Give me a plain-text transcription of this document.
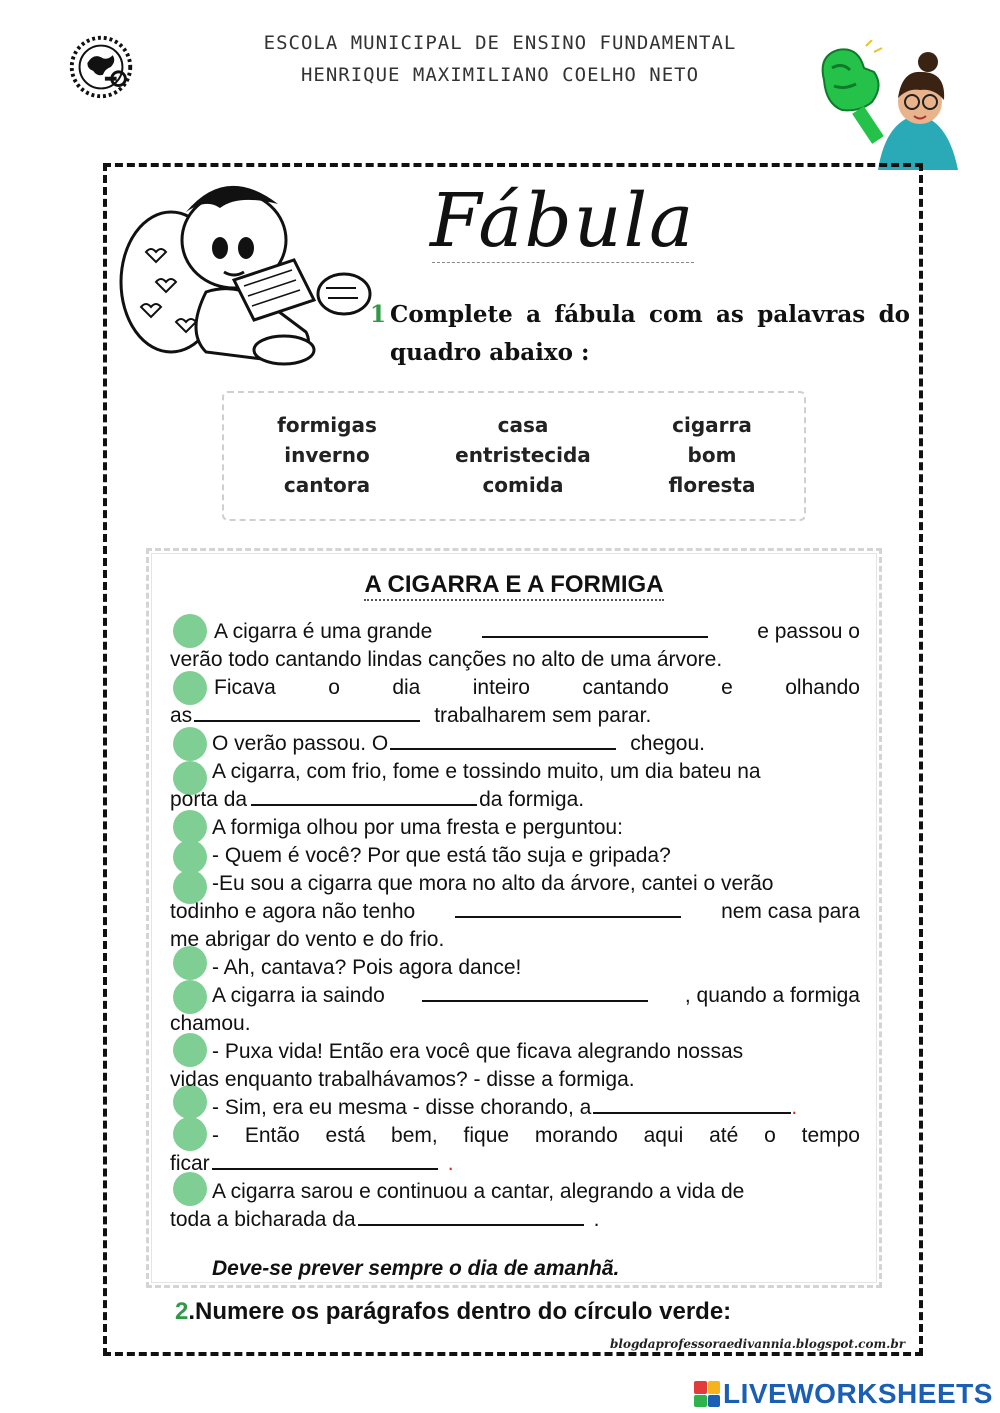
ESCOLA MUNICIPAL DE ENSINO FUNDAMENTAL
HENRIQUE MAXIMILIANO COELHO NETO
Fábula
1 Complete a fábula com as palavras do quadro abaixo :
formigas	casa	cigarra
inverno	entristecida	bom
cantora	comida	floresta
A CIGARRA E A FORMIGA
A cigarra é uma grande	e passou o
verão todo cantando lindas canções no alto de uma árvore.
Ficava o dia inteiro cantando e olhando
as	trabalharem sem parar.
O verão passou. O	chegou.
A cigarra, com frio, fome e tossindo muito, um dia bateu na
porta da	da formiga.
A formiga olhou por uma fresta e perguntou:
- Quem é você? Por que está tão suja e gripada?
-Eu sou a cigarra que mora no alto da árvore, cantei o verão
todinho e agora não tenho	nem casa para
me abrigar do vento e do frio.
- Ah, cantava? Pois agora dance!
A cigarra ia saindo	, quando a formiga
chamou.
- Puxa vida! Então era você que ficava alegrando nossas
vidas enquanto trabalhávamos? - disse a formiga.
- Sim, era eu mesma - disse chorando, a	.
- Então está bem, fique morando aqui até o tempo
ficar	.
A cigarra sarou e continuou a cantar, alegrando a vida de
toda a bicharada da	.
Deve-se prever sempre o dia de amanhã.
2.Numere os parágrafos dentro do círculo verde:
blogdaprofessoraedivannia.blogspot.com.br
LIVEWORKSHEETS
